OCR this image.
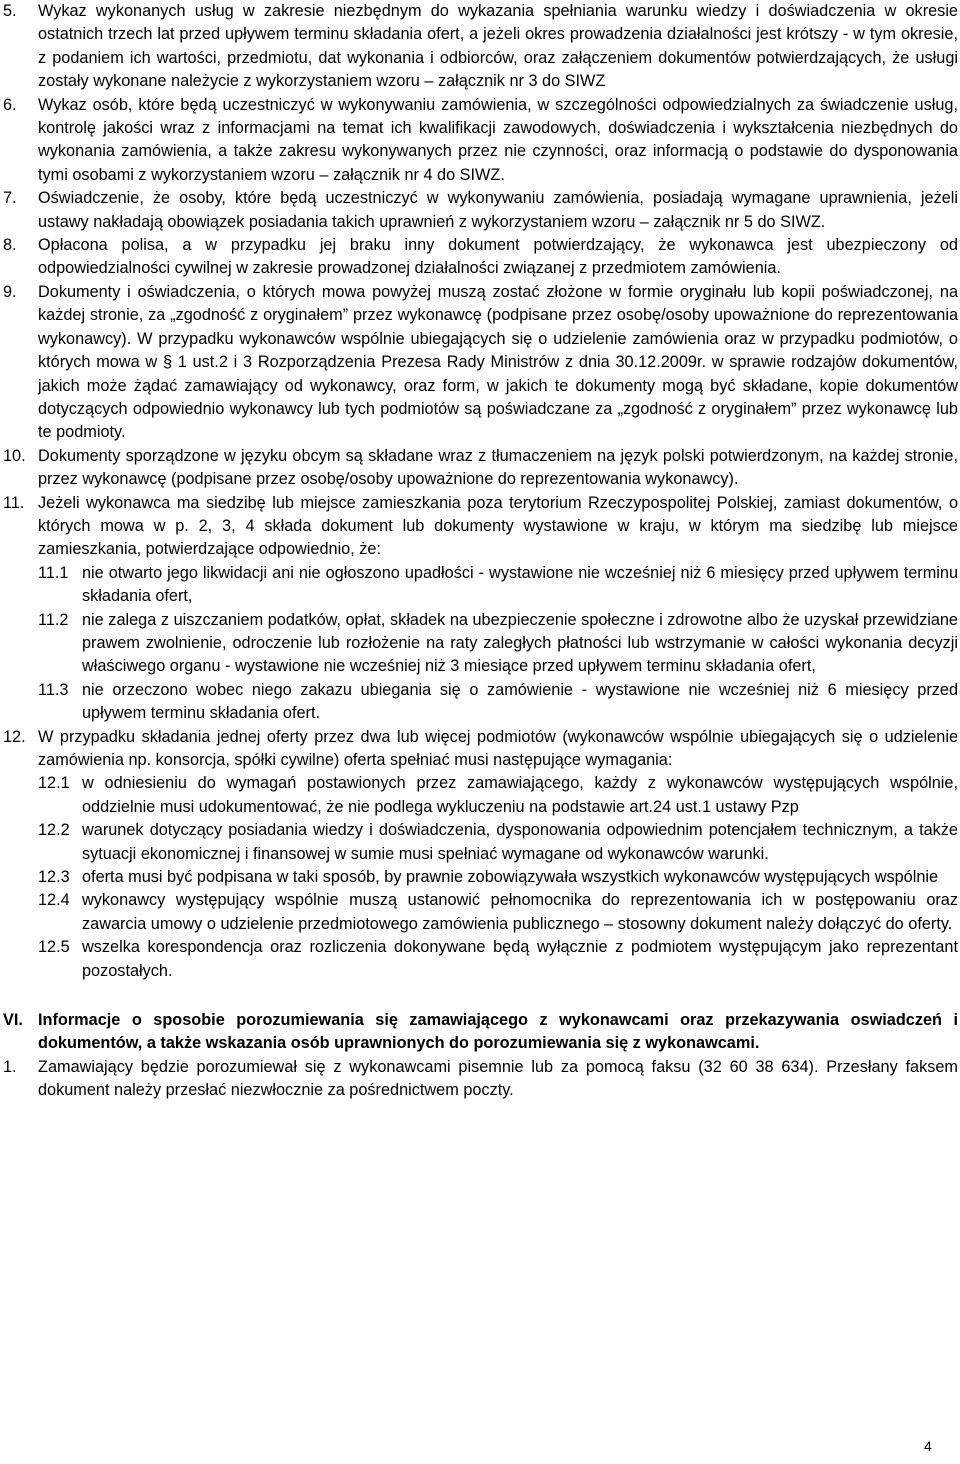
5.	Wykaz wykonanych usług w zakresie niezbędnym do wykazania spełniania warunku wiedzy i doświadczenia w okresie ostatnich trzech lat przed upływem terminu składania ofert, a jeżeli okres prowadzenia działalności jest krótszy - w tym okresie, z podaniem ich wartości, przedmiotu, dat wykonania i odbiorców, oraz załączeniem dokumentów potwierdzających, że usługi zostały wykonane należycie z wykorzystaniem wzoru – załącznik nr 3 do SIWZ
6.	Wykaz osób, które będą uczestniczyć w wykonywaniu zamówienia, w szczególności odpowiedzialnych za świadczenie usług, kontrolę jakości wraz z informacjami na temat ich kwalifikacji zawodowych, doświadczenia i wykształcenia niezbędnych do wykonania zamówienia, a także zakresu wykonywanych przez nie czynności, oraz informacją o podstawie do dysponowania tymi osobami z wykorzystaniem wzoru – załącznik nr 4 do SIWZ.
7.	Oświadczenie, że osoby, które będą uczestniczyć w wykonywaniu zamówienia, posiadają wymagane uprawnienia, jeżeli ustawy nakładają obowiązek posiadania takich uprawnień z wykorzystaniem wzoru – załącznik nr 5 do SIWZ.
8.	Opłacona polisa, a w przypadku jej braku inny dokument potwierdzający, że wykonawca jest ubezpieczony od odpowiedzialności cywilnej w zakresie prowadzonej działalności związanej z przedmiotem zamówienia.
9.	Dokumenty i oświadczenia, o których mowa powyżej muszą zostać złożone w formie oryginału lub kopii poświadczonej, na każdej stronie, za „zgodność z oryginałem” przez wykonawcę (podpisane przez osobę/osoby upoważnione do reprezentowania wykonawcy). W przypadku wykonawców wspólnie ubiegających się o udzielenie zamówienia oraz w przypadku podmiotów, o których mowa w § 1 ust.2 i 3 Rozporządzenia Prezesa Rady Ministrów z dnia 30.12.2009r. w sprawie rodzajów dokumentów, jakich może żądać zamawiający od wykonawcy, oraz form, w jakich te dokumenty mogą być składane, kopie dokumentów dotyczących odpowiednio wykonawcy lub tych podmiotów są poświadczane za „zgodność z oryginałem” przez wykonawcę lub te podmioty.
10. Dokumenty sporządzone w języku obcym są składane wraz z tłumaczeniem na język polski potwierdzonym, na każdej stronie, przez wykonawcę (podpisane przez osobę/osoby upoważnione do reprezentowania wykonawcy).
11. Jeżeli wykonawca ma siedzibę lub miejsce zamieszkania poza terytorium Rzeczypospolitej Polskiej, zamiast dokumentów, o których mowa w p. 2, 3, 4 składa dokument lub dokumenty wystawione w kraju, w którym ma siedzibę lub miejsce zamieszkania, potwierdzające odpowiednio, że:
11.1 nie otwarto jego likwidacji ani nie ogłoszono upadłości - wystawione nie wcześniej niż 6 miesięcy przed upływem terminu składania ofert,
11.2 nie zalega z uiszczaniem podatków, opłat, składek na ubezpieczenie społeczne i zdrowotne albo że uzyskał przewidziane prawem zwolnienie, odroczenie lub rozłożenie na raty zaległych płatności lub wstrzymanie w całości wykonania decyzji właściwego organu - wystawione nie wcześniej niż 3 miesiące przed upływem terminu składania ofert,
11.3 nie orzeczono wobec niego zakazu ubiegania się o zamówienie - wystawione nie wcześniej niż 6 miesięcy przed upływem terminu składania ofert.
12. W przypadku składania jednej oferty przez dwa lub więcej podmiotów (wykonawców wspólnie ubiegających się o udzielenie zamówienia np. konsorcja, spółki cywilne) oferta spełniać musi następujące wymagania:
12.1 w odniesieniu do wymagań postawionych przez zamawiającego, każdy z wykonawców występujących wspólnie, oddzielnie musi udokumentować, że nie podlega wykluczeniu na podstawie art.24 ust.1 ustawy Pzp
12.2 warunek dotyczący posiadania wiedzy i doświadczenia, dysponowania odpowiednim potencjałem technicznym, a także sytuacji ekonomicznej i finansowej w sumie musi spełniać wymagane od wykonawców warunki.
12.3 oferta musi być podpisana w taki sposób, by prawnie zobowiązywała wszystkich wykonawców występujących wspólnie
12.4 wykonawcy występujący wspólnie muszą ustanowić pełnomocnika do reprezentowania ich w postępowaniu oraz zawarcia umowy o udzielenie przedmiotowego zamówienia publicznego – stosowny dokument należy dołączyć do oferty.
12.5 wszelka korespondencja oraz rozliczenia dokonywane będą wyłącznie z podmiotem występującym jako reprezentant pozostałych.
VI. Informacje o sposobie porozumiewania się zamawiającego z wykonawcami oraz przekazywania oswiadczeń i dokumentów, a także wskazania osób uprawnionych do porozumiewania się z wykonawcami.
1.	Zamawiający będzie porozumiewał się z wykonawcami pisemnie lub za pomocą faksu (32 60 38 634). Przesłany faksem dokument należy przesłać niezwłocznie za pośrednictwem poczty.
4
